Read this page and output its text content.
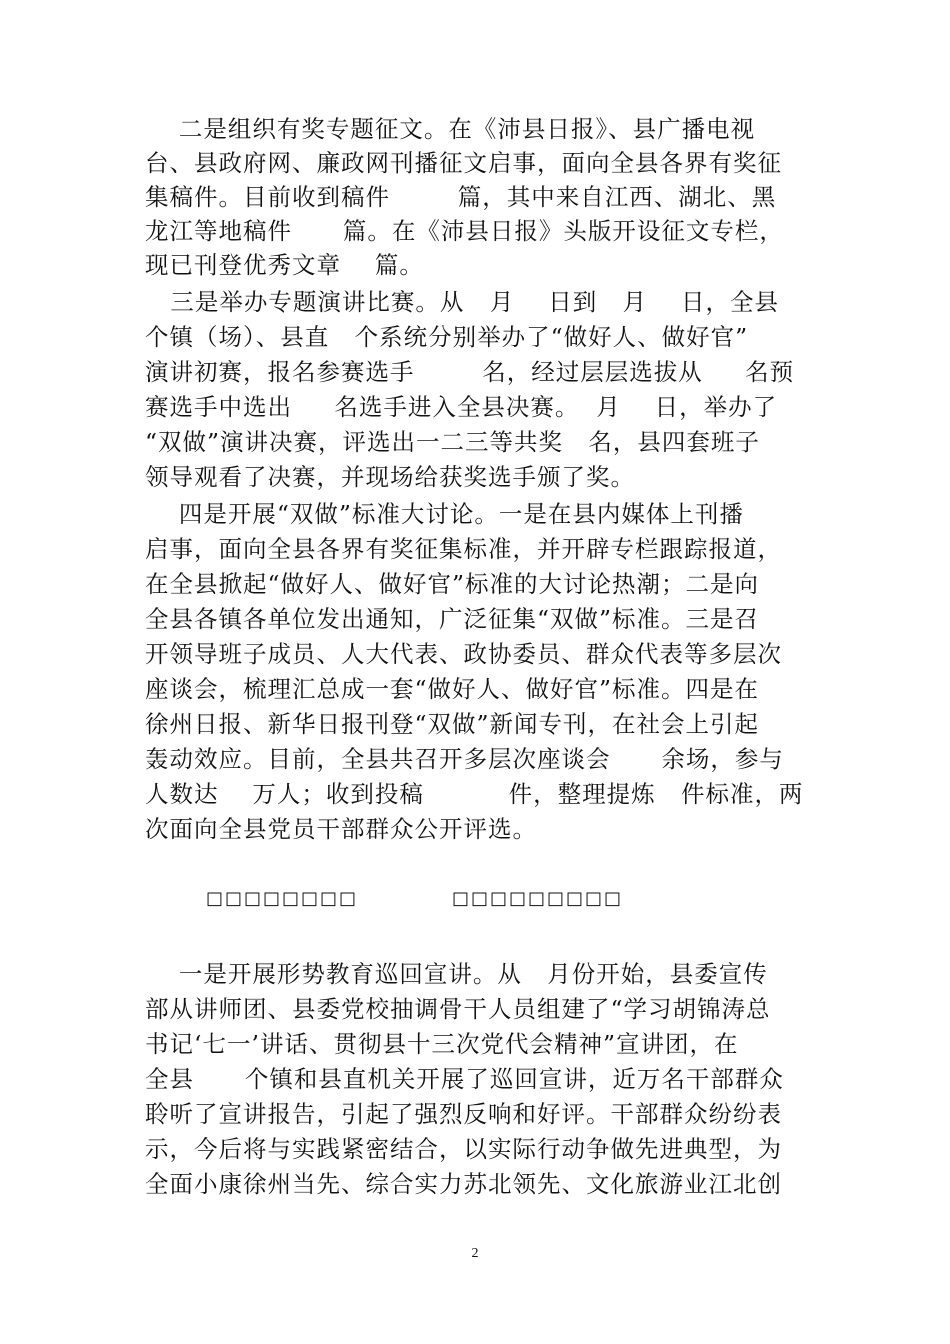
二是组织有奖专题征文。在《沛县日报》、县广播电视
台、县政府网、廉政网刊播征文启事，面向全县各界有奖征
集稿件。目前收到稿件        篇，其中来自江西、湖北、黑
龙江等地稿件      篇。在《沛县日报》头版开设征文专栏，
现已刊登优秀文章    篇。
三是举办专题演讲比赛。从   月    日到   月    日，全县
个镇（场）、县直   个系统分别举办了“做好人、做好官”
演讲初赛，报名参赛选手        名，经过层层选拔从     名预
赛选手中选出     名选手进入全县决赛。  月    日，举办了
“双做”演讲决赛，评选出一二三等共奖   名，县四套班子
领导观看了决赛，并现场给获奖选手颁了奖。
四是开展“双做”标准大讨论。一是在县内媒体上刊播
启事，面向全县各界有奖征集标准，并开辟专栏跟踪报道，
在全县掀起“做好人、做好官”标准的大讨论热潮；二是向
全县各镇各单位发出通知，广泛征集“双做”标准。三是召
开领导班子成员、人大代表、政协委员、群众代表等多层次
座谈会，梳理汇总成一套“做好人、做好官”标准。四是在
徐州日报、新华日报刊登“双做”新闻专刊，在社会上引起
轰动效应。目前，全县共召开多层次座谈会      余场，参与
人数达    万人；收到投稿          件，整理提炼   件标准，两
次面向全县党员干部群众公开评选。
□□□□□□□□	□□□□□□□□□
一是开展形势教育巡回宣讲。从   月份开始，县委宣传
部从讲师团、县委党校抽调骨干人员组建了“学习胡锦涛总
书记‘七一’讲话、贯彻县十三次党代会精神”宣讲团，在
全县      个镇和县直机关开展了巡回宣讲，近万名干部群众
聆听了宣讲报告，引起了强烈反响和好评。干部群众纷纷表
示，今后将与实践紧密结合，以实际行动争做先进典型，为
全面小康徐州当先、综合实力苏北领先、文化旅游业江北创
2
